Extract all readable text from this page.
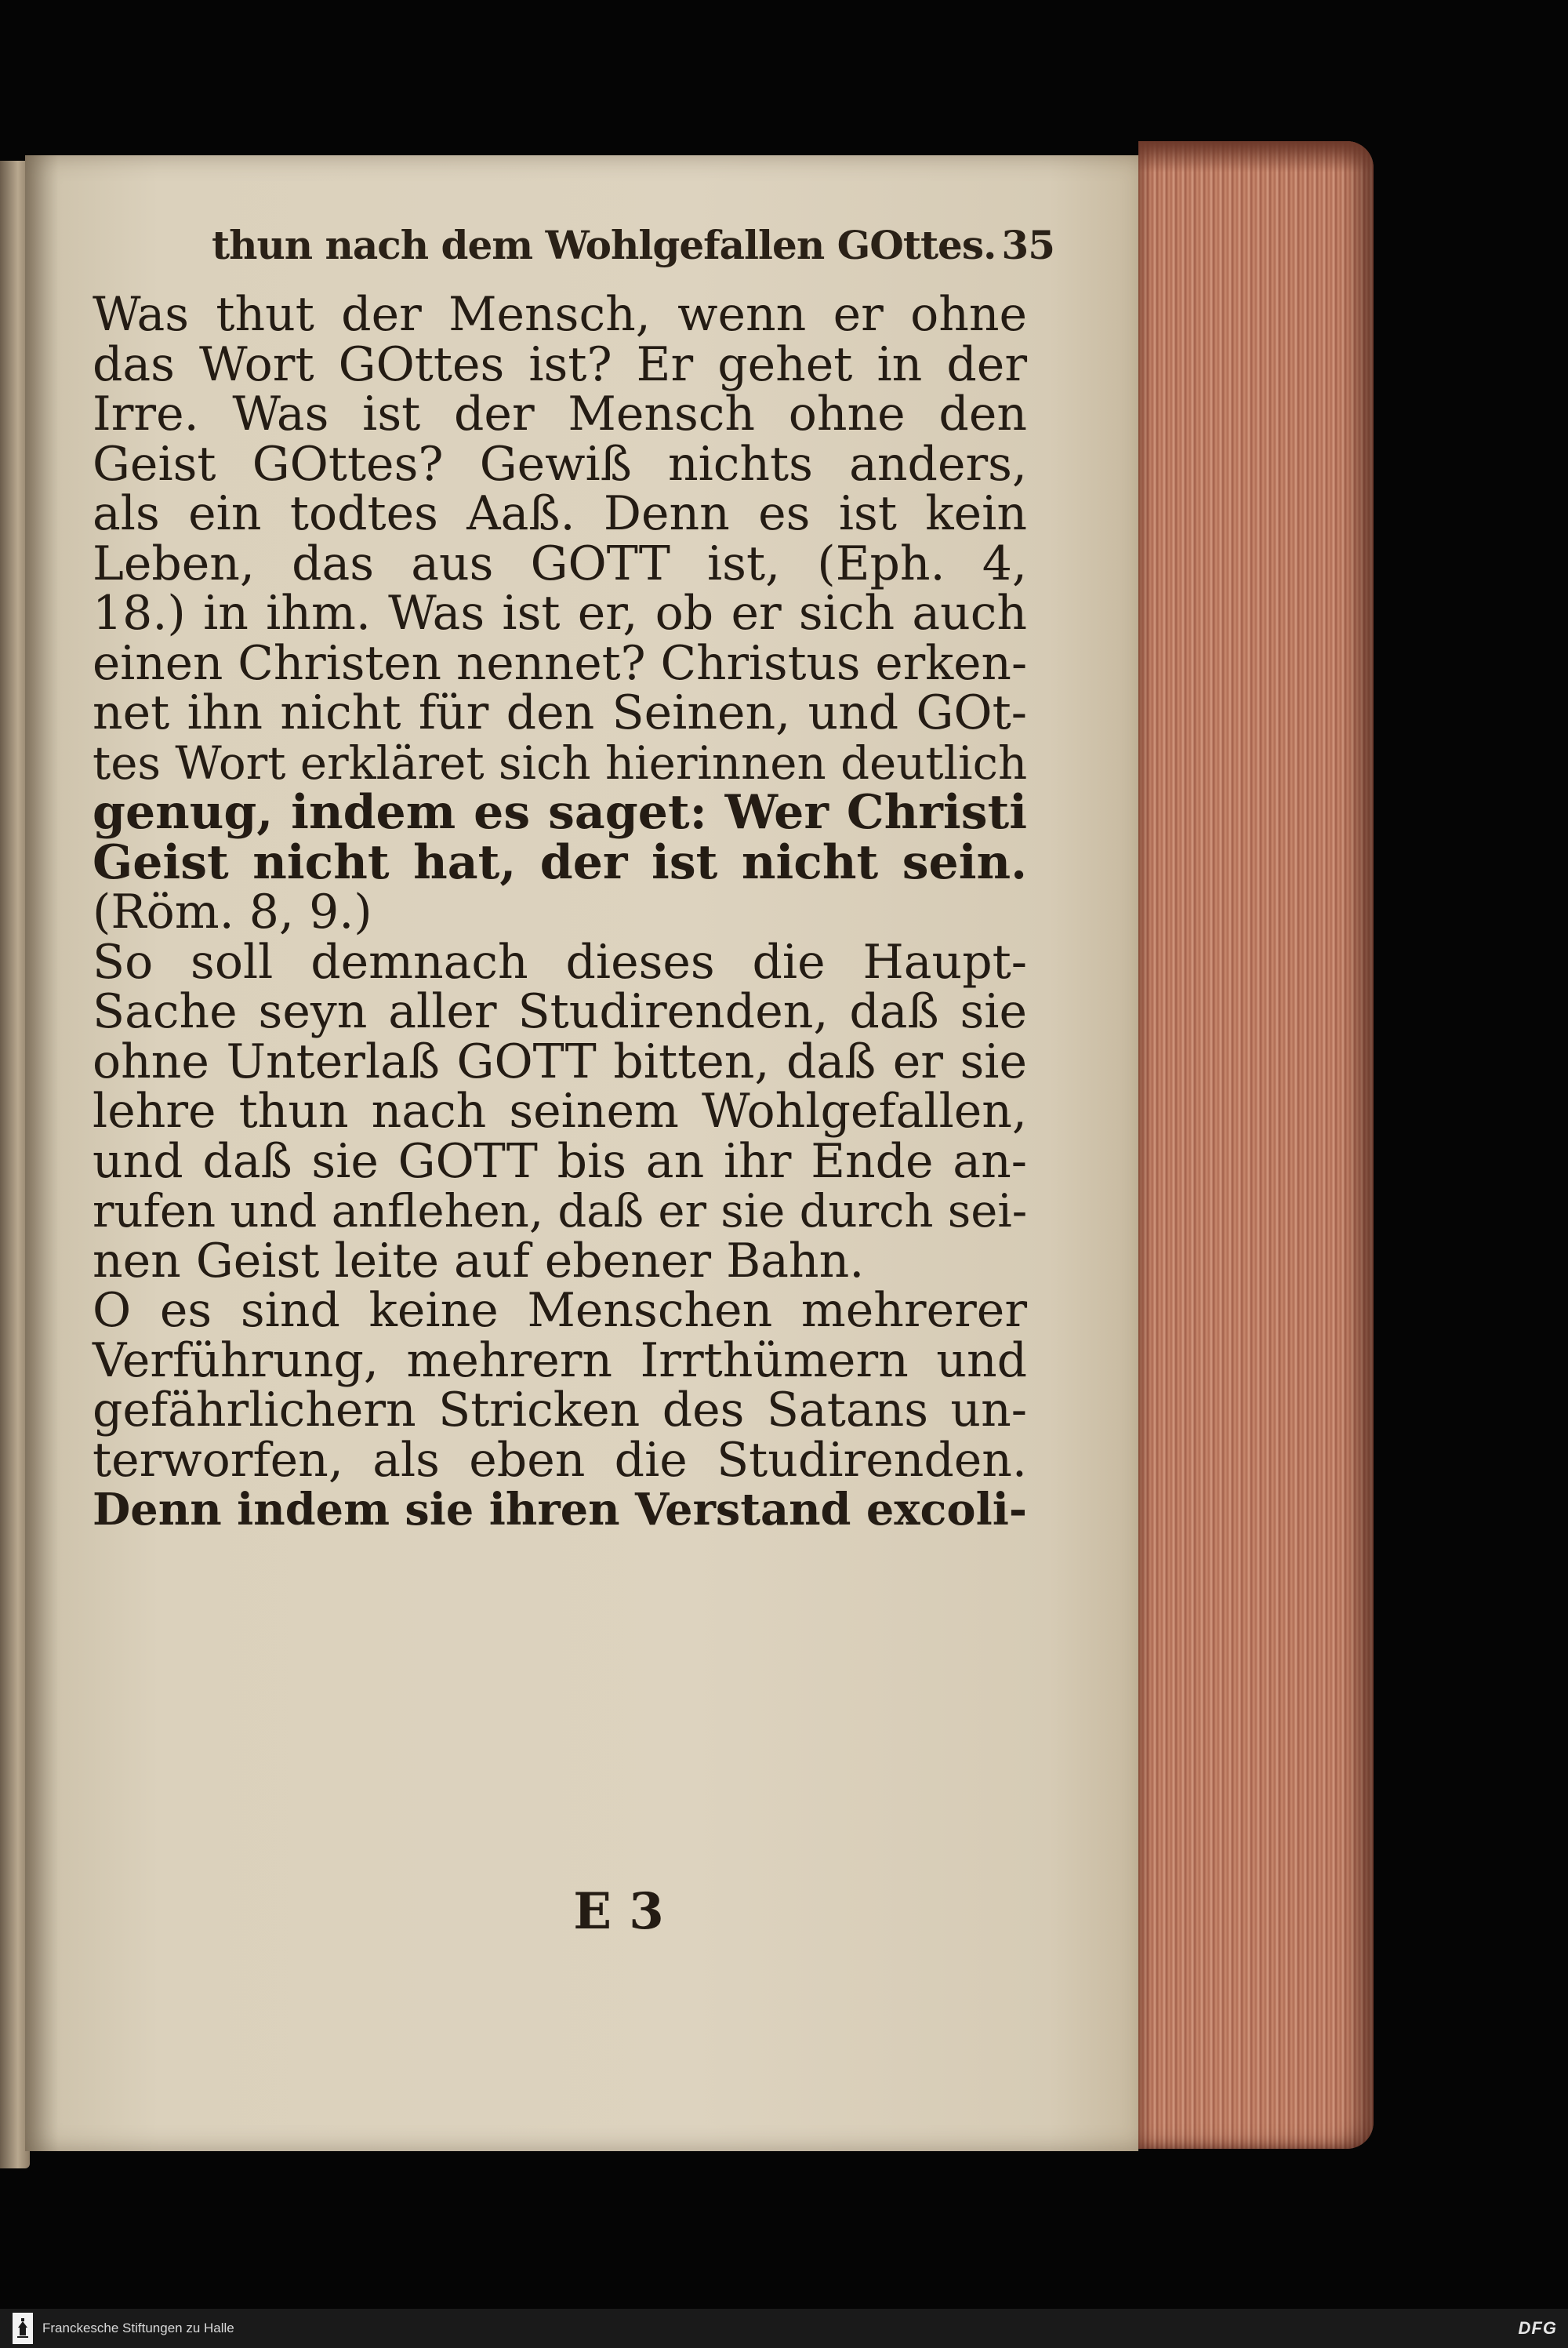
thun nach dem Wohlgefallen GOttes. 35
Was thut der Mensch, wenn er ohne
das Wort GOttes ist? Er gehet in der
Irre. Was ist der Mensch ohne den
Geist GOttes? Gewiß nichts anders,
als ein todtes Aaß. Denn es ist kein
Leben, das aus GOTT ist, (Eph. 4,
18.) in ihm. Was ist er, ob er sich auch
einen Christen nennet? Christus erken-
net ihn nicht für den Seinen, und GOt-
tes Wort erkläret sich hierinnen deutlich
genug, indem es saget: Wer Christi
Geist nicht hat, der ist nicht sein.
(Röm. 8, 9.)
So soll demnach dieses die Haupt-
Sache seyn aller Studirenden, daß sie
ohne Unterlaß GOTT bitten, daß er sie
lehre thun nach seinem Wohlgefallen,
und daß sie GOTT bis an ihr Ende an-
rufen und anflehen, daß er sie durch sei-
nen Geist leite auf ebener Bahn.
O es sind keine Menschen mehrerer
Verführung, mehrern Irrthümern und
gefährlichern Stricken des Satans un-
terworfen, als eben die Studirenden.
Denn indem sie ihren Verstand excoli-
E 3
Franckesche Stiftungen zu Halle	DFG
